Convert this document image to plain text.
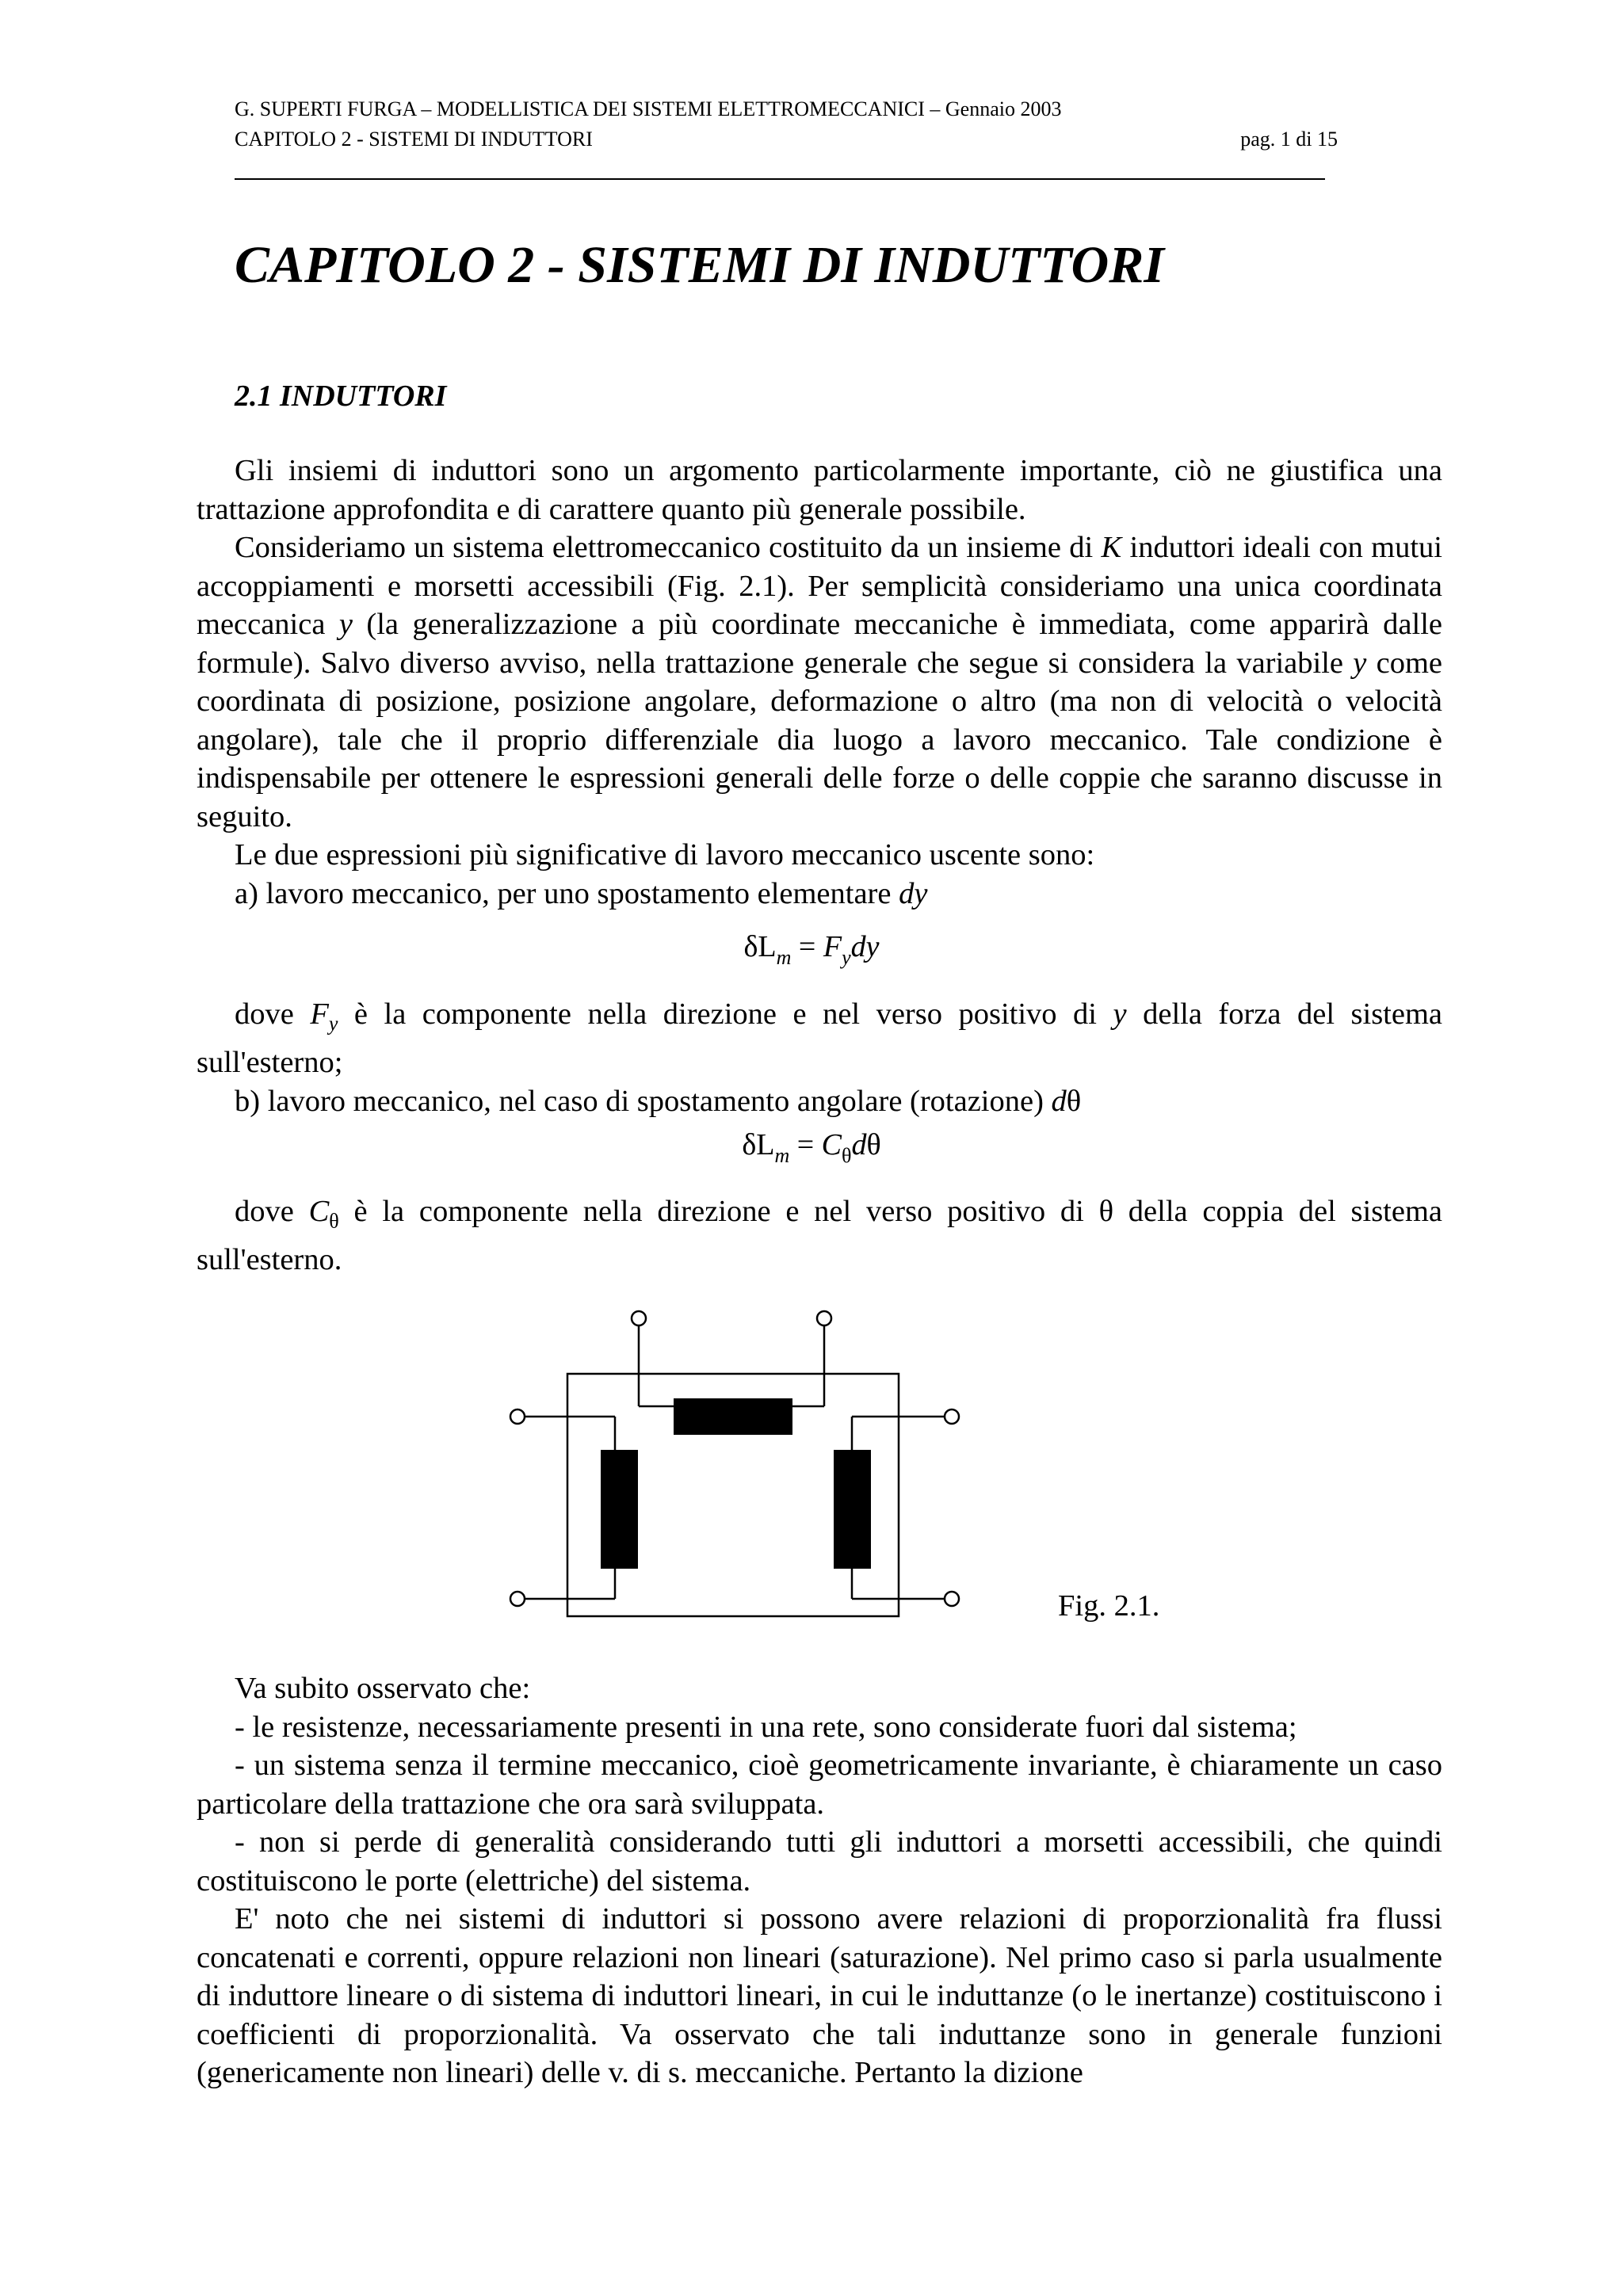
G. SUPERTI FURGA – MODELLISTICA DEI SISTEMI ELETTROMECCANICI – Gennaio 2003
CAPITOLO 2 - SISTEMI DI INDUTTORI	pag. 1 di 15
CAPITOLO 2 - SISTEMI DI INDUTTORI
2.1 INDUTTORI

Gli insiemi di induttori sono un argomento particolarmente importante, ciò ne giustifica una trattazione approfondita e di carattere quanto più generale possibile.

Consideriamo un sistema elettromeccanico costituito da un insieme di K induttori ideali con mutui accoppiamenti e morsetti accessibili (Fig. 2.1). Per semplicità consideriamo una unica coordinata meccanica y (la generalizzazione a più coordinate meccaniche è immediata, come apparirà dalle formule). Salvo diverso avviso, nella trattazione generale che segue si considera la variabile y come coordinata di posizione, posizione angolare, deformazione o altro (ma non di velocità o velocità angolare), tale che il proprio differenziale dia luogo a lavoro meccanico. Tale condizione è indispensabile per ottenere le espressioni generali delle forze o delle coppie che saranno discusse in seguito.

Le due espressioni più significative di lavoro meccanico uscente sono:

a) lavoro meccanico, per uno spostamento elementare dy

$\delta L_m = F_ydy$

dove $F_y$ è la componente nella direzione e nel verso positivo di y della forza del sistema sull'esterno;

b) lavoro meccanico, nel caso di spostamento angolare (rotazione) dθ

$\delta L_m = C_\theta d\theta$

dove $C_\theta$ è la componente nella direzione e nel verso positivo di θ della coppia del sistema sull'esterno.

Fig. 2.1.

Va subito osservato che:

- le resistenze, necessariamente presenti in una rete, sono considerate fuori dal sistema;

- un sistema senza il termine meccanico, cioè geometricamente invariante, è chiaramente un caso particolare della trattazione che ora sarà sviluppata.

- non si perde di generalità considerando tutti gli induttori a morsetti accessibili, che quindi costituiscono le porte (elettriche) del sistema.

E' noto che nei sistemi di induttori si possono avere relazioni di proporzionalità fra flussi concatenati e correnti, oppure relazioni non lineari (saturazione). Nel primo caso si parla usualmente di induttore lineare o di sistema di induttori lineari, in cui le induttanze (o le inertanze) costituiscono i coefficienti di proporzionalità. Va osservato che tali induttanze sono in generale funzioni (genericamente non lineari) delle v. di s. meccaniche. Pertanto la dizione
